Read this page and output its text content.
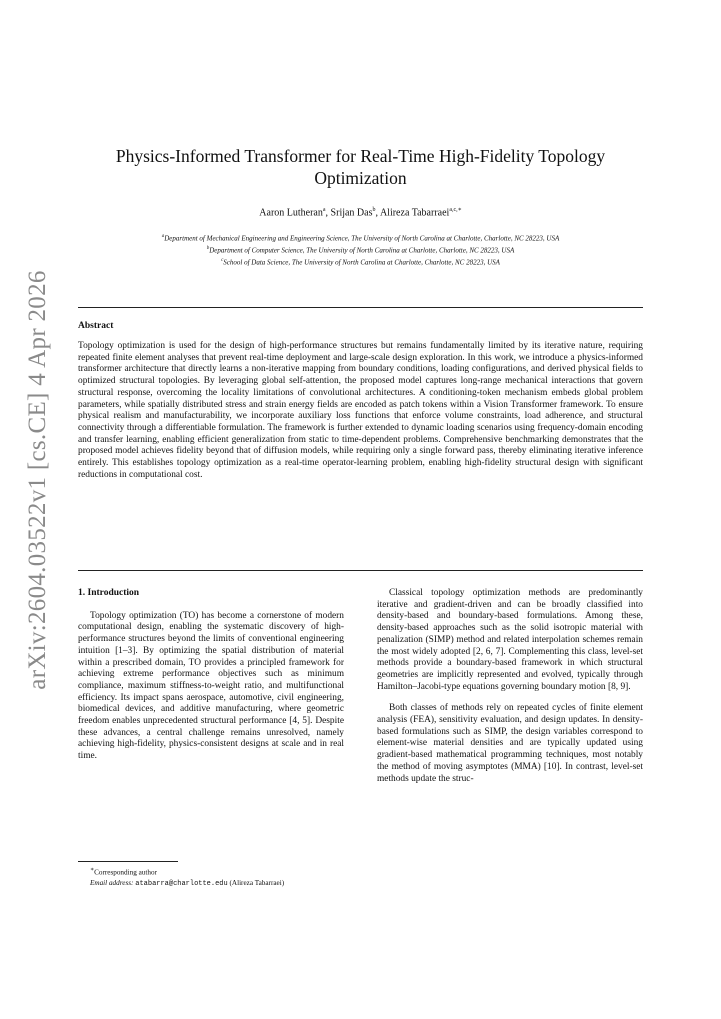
arXiv:2604.03522v1 [cs.CE] 4 Apr 2026
Physics-Informed Transformer for Real-Time High-Fidelity Topology
Optimization
Aaron Lutheran$^a$, Srijan Das$^b$, Alireza Tabarraei$^{a,c,∗}$
$^a$Department of Mechanical Engineering and Engineering Science, The University of North Carolina at Charlotte, Charlotte, NC 28223, USA
$^b$Department of Computer Science, The University of North Carolina at Charlotte, Charlotte, NC 28223, USA
$^c$School of Data Science, The University of North Carolina at Charlotte, Charlotte, NC 28223, USA
Abstract
Topology optimization is used for the design of high-performance structures but remains fundamentally limited by its iterative nature, requiring repeated finite element analyses that prevent real-time deployment and large-scale design exploration. In this work, we introduce a physics-informed transformer architecture that directly learns a non-iterative mapping from boundary conditions, loading configurations, and derived physical fields to optimized structural topologies. By leveraging global self-attention, the proposed model captures long-range mechanical interactions that govern structural response, overcoming the locality limitations of convolutional architectures. A conditioning-token mechanism embeds global problem parameters, while spatially distributed stress and strain energy fields are encoded as patch tokens within a Vision Transformer framework. To ensure physical realism and manufacturability, we incorporate auxiliary loss functions that enforce volume constraints, load adherence, and structural connectivity through a differentiable formulation. The framework is further extended to dynamic loading scenarios using frequency-domain encoding and transfer learning, enabling efficient generalization from static to time-dependent problems. Comprehensive benchmarking demonstrates that the proposed model achieves fidelity beyond that of diffusion models, while requiring only a single forward pass, thereby eliminating iterative inference entirely. This establishes topology optimization as a real-time operator-learning problem, enabling high-fidelity structural design with significant reductions in computational cost.
1. Introduction

Topology optimization (TO) has become a cornerstone of modern computational design, enabling the systematic discovery of high-performance structures beyond the limits of conventional engineering intuition [1–3]. By optimizing the spatial distribution of material within a prescribed domain, TO provides a principled framework for achieving extreme performance objectives such as minimum compliance, maximum stiffness-to-weight ratio, and multifunctional efficiency. Its impact spans aerospace, automotive, civil engineering, biomedical devices, and additive manufacturing, where geometric freedom enables unprecedented structural performance [4, 5]. Despite these advances, a central challenge remains unresolved, namely achieving high-fidelity, physics-consistent designs at scale and in real time.

Classical topology optimization methods are predominantly iterative and gradient-driven and can be broadly classified into density-based and boundary-based formulations. Among these, density-based approaches such as the solid isotropic material with penalization (SIMP) method and related interpolation schemes remain the most widely adopted [2, 6, 7]. Complementing this class, level-set methods provide a boundary-based framework in which structural geometries are implicitly represented and evolved, typically through Hamilton–Jacobi-type equations governing boundary motion [8, 9].

Both classes of methods rely on repeated cycles of finite element analysis (FEA), sensitivity evaluation, and design updates. In density-based formulations such as SIMP, the design variables correspond to element-wise material densities and are typically updated using gradient-based mathematical programming techniques, most notably the method of moving asymptotes (MMA) [10]. In contrast, level-set methods update the struc-

∗Corresponding author
Email address: atabarra@charlotte.edu (Alireza Tabarraei)
